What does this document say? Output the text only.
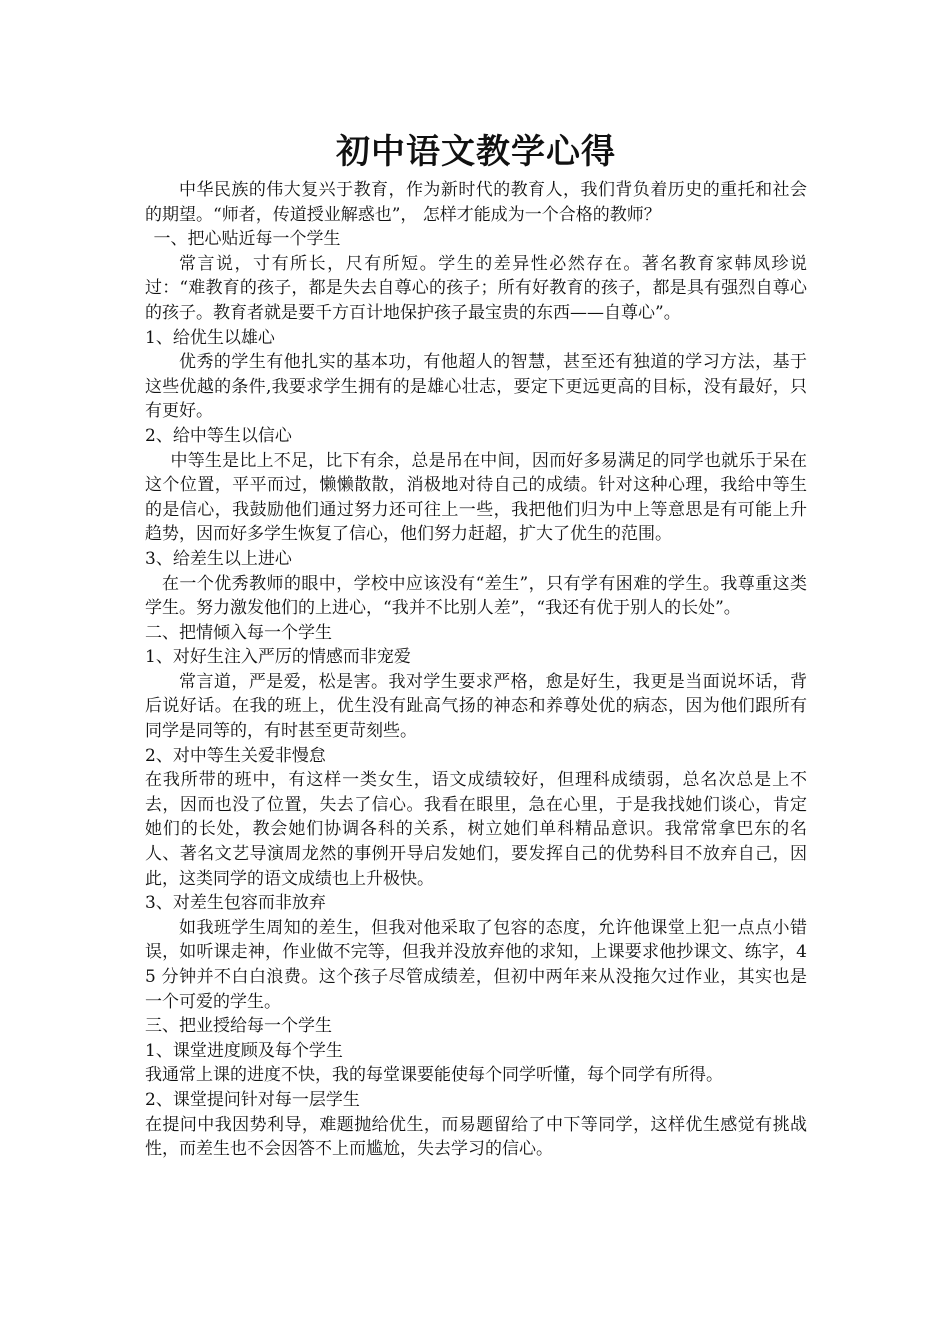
初中语文教学心得
中华民族的伟大复兴于教育，作为新时代的教育人，我们背负着历史的重托和社会的期望。“师者，传道授业解惑也”， 怎样才能成为一个合格的教师？
一、把心贴近每一个学生
常言说，寸有所长，尺有所短。学生的差异性必然存在。著名教育家韩凤珍说过：“难教育的孩子，都是失去自尊心的孩子；所有好教育的孩子，都是具有强烈自尊心的孩子。教育者就是要千方百计地保护孩子最宝贵的东西——自尊心”。
1、给优生以雄心
优秀的学生有他扎实的基本功，有他超人的智慧，甚至还有独道的学习方法，基于这些优越的条件,我要求学生拥有的是雄心壮志，要定下更远更高的目标，没有最好，只有更好。
2、给中等生以信心
中等生是比上不足，比下有余，总是吊在中间，因而好多易满足的同学也就乐于呆在这个位置，平平而过，懒懒散散，消极地对待自己的成绩。针对这种心理，我给中等生的是信心，我鼓励他们通过努力还可往上一些，我把他们归为中上等意思是有可能上升趋势，因而好多学生恢复了信心，他们努力赶超，扩大了优生的范围。
3、给差生以上进心
在一个优秀教师的眼中，学校中应该没有“差生”，只有学有困难的学生。我尊重这类学生。努力激发他们的上进心，“我并不比别人差”，“我还有优于别人的长处”。
二、把情倾入每一个学生
1、对好生注入严厉的情感而非宠爱
常言道，严是爱，松是害。我对学生要求严格，愈是好生，我更是当面说坏话，背后说好话。在我的班上，优生没有趾高气扬的神态和养尊处优的病态，因为他们跟所有同学是同等的，有时甚至更苛刻些。
2、对中等生关爱非慢怠
在我所带的班中，有这样一类女生，语文成绩较好，但理科成绩弱，总名次总是上不去，因而也没了位置，失去了信心。我看在眼里，急在心里，于是我找她们谈心，肯定她们的长处，教会她们协调各科的关系，树立她们单科精品意识。我常常拿巴东的名人、著名文艺导演周龙然的事例开导启发她们，要发挥自己的优势科目不放弃自己，因此，这类同学的语文成绩也上升极快。
3、对差生包容而非放弃
如我班学生周知的差生，但我对他采取了包容的态度，允许他课堂上犯一点点小错误，如听课走神，作业做不完等，但我并没放弃他的求知，上课要求他抄课文、练字，45 分钟并不白白浪费。这个孩子尽管成绩差，但初中两年来从没拖欠过作业，其实也是一个可爱的学生。
三、把业授给每一个学生
1、课堂进度顾及每个学生
我通常上课的进度不快，我的每堂课要能使每个同学听懂，每个同学有所得。
2、课堂提问针对每一层学生
在提问中我因势利导，难题抛给优生，而易题留给了中下等同学，这样优生感觉有挑战性，而差生也不会因答不上而尴尬，失去学习的信心。
